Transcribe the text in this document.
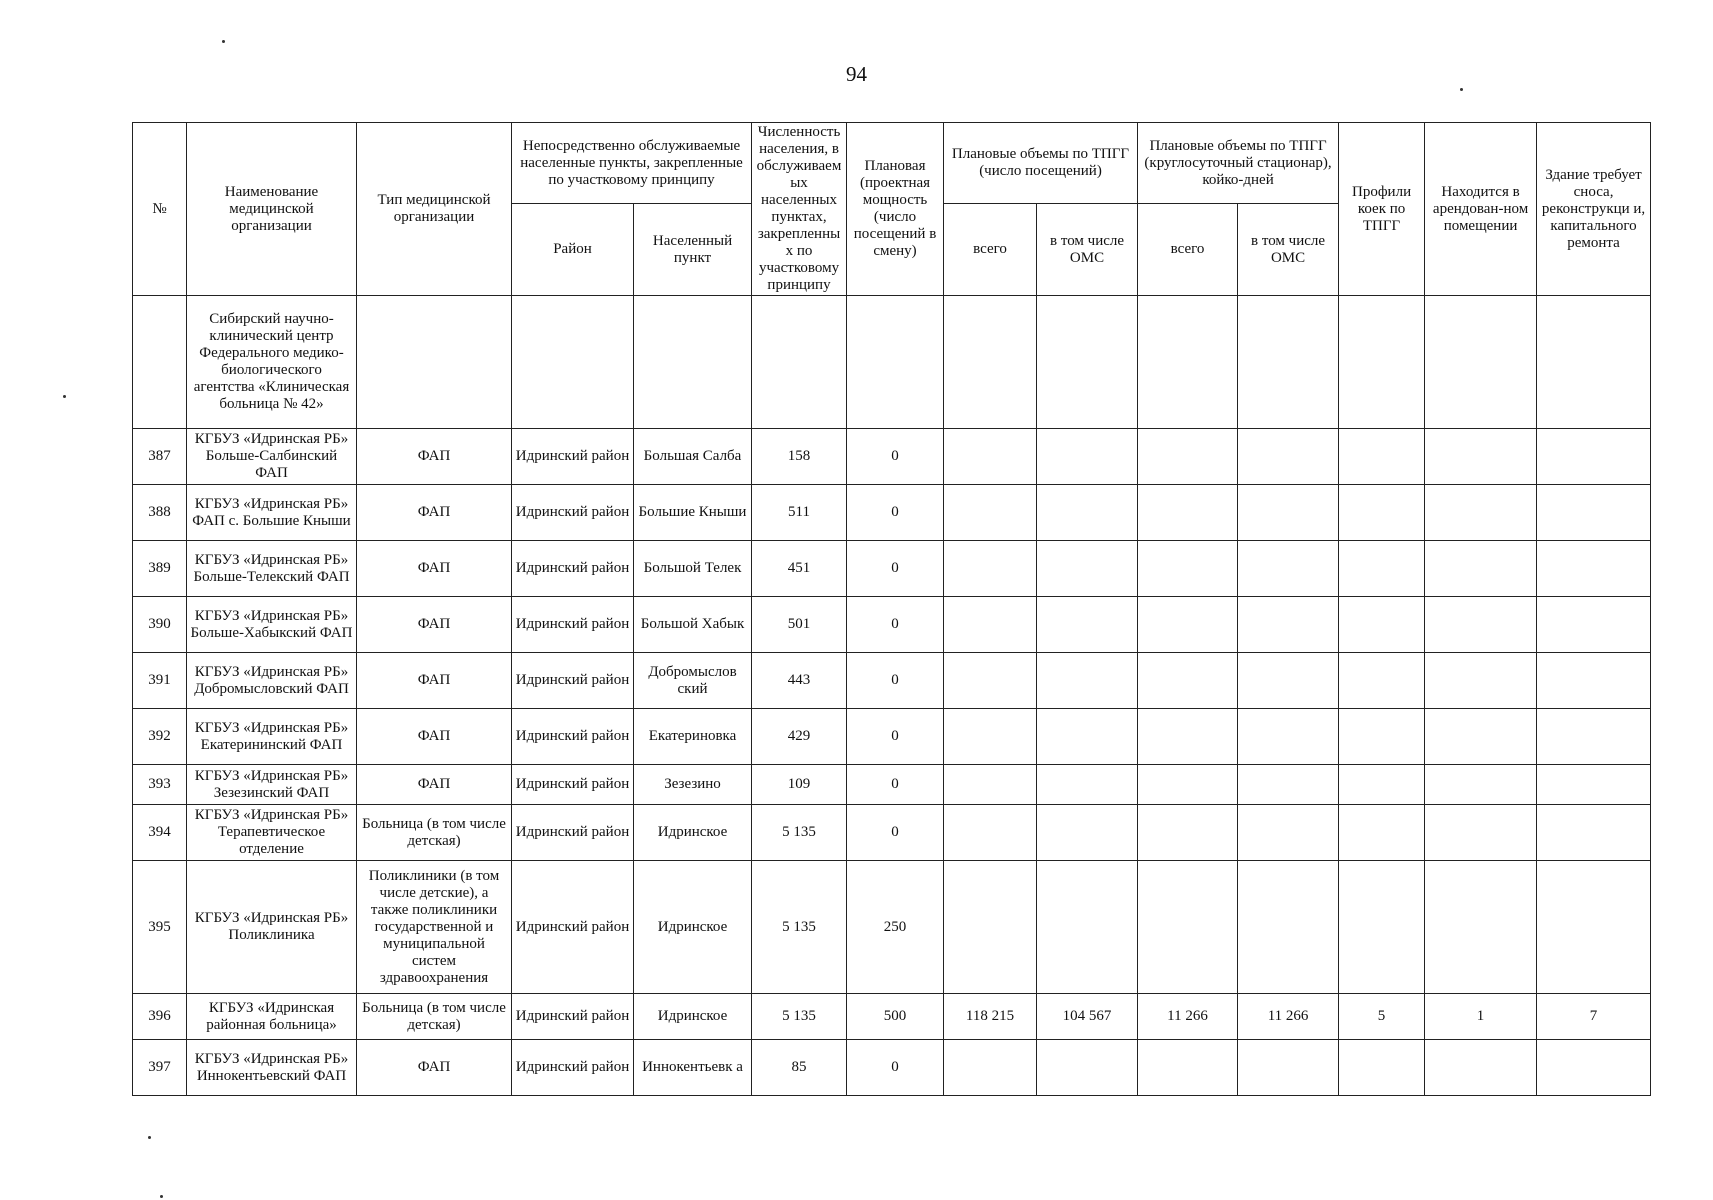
94
№	Наименование медицинской организации	Тип медицинской организации	Непосредственно обслуживаемые населенные пункты, закрепленные по участковому принципу		Численность населения, в обслуживаем ых населенных пунктах, закрепленных по участковому принципу	Плановая (проектная мощность (число посещений в смену)	Плановые объемы по ТПГГ (число посещений)		Плановые объемы по ТПГГ (круглосуточный стационар), койко-дней		Профили коек по ТПГГ	Находится в арендован-ном помещении	Здание требует сноса, реконструкци и, капитального ремонта
			Район	Населенный пункт			всего	в том числе ОМС	всего	в том числе ОМС			
	Сибирский научно-клинический центр Федерального медико-биологического агентства «Клиническая больница № 42»												
387	КГБУЗ «Идринская РБ» Больше-Салбинский ФАП	ФАП	Идринский район	Большая Салба	158	0							
388	КГБУЗ «Идринская РБ» ФАП с. Большие Кныши	ФАП	Идринский район	Большие Кныши	511	0							
389	КГБУЗ «Идринская РБ» Больше-Телекский ФАП	ФАП	Идринский район	Большой Телек	451	0							
390	КГБУЗ «Идринская РБ» Больше-Хабыкский ФАП	ФАП	Идринский район	Большой Хабык	501	0							
391	КГБУЗ «Идринская РБ» Добромысловский ФАП	ФАП	Идринский район	Добромыслов ский	443	0							
392	КГБУЗ «Идринская РБ» Екатерининский ФАП	ФАП	Идринский район	Екатериновка	429	0							
393	КГБУЗ «Идринская РБ» Зезезинский ФАП	ФАП	Идринский район	Зезезино	109	0							
394	КГБУЗ «Идринская РБ» Терапевтическое отделение	Больница (в том числе детская)	Идринский район	Идринское	5 135	0							
395	КГБУЗ «Идринская РБ» Поликлиника	Поликлиники (в том числе детские), а также поликлиники государственной и муниципальной систем здравоохранения	Идринский район	Идринское	5 135	250							
396	КГБУЗ «Идринская районная больница»	Больница (в том числе детская)	Идринский район	Идринское	5 135	500	118 215	104 567	11 266	11 266	5	1	7
397	КГБУЗ «Идринская РБ» Иннокентьевский ФАП	ФАП	Идринский район	Иннокентьевк а	85	0							
